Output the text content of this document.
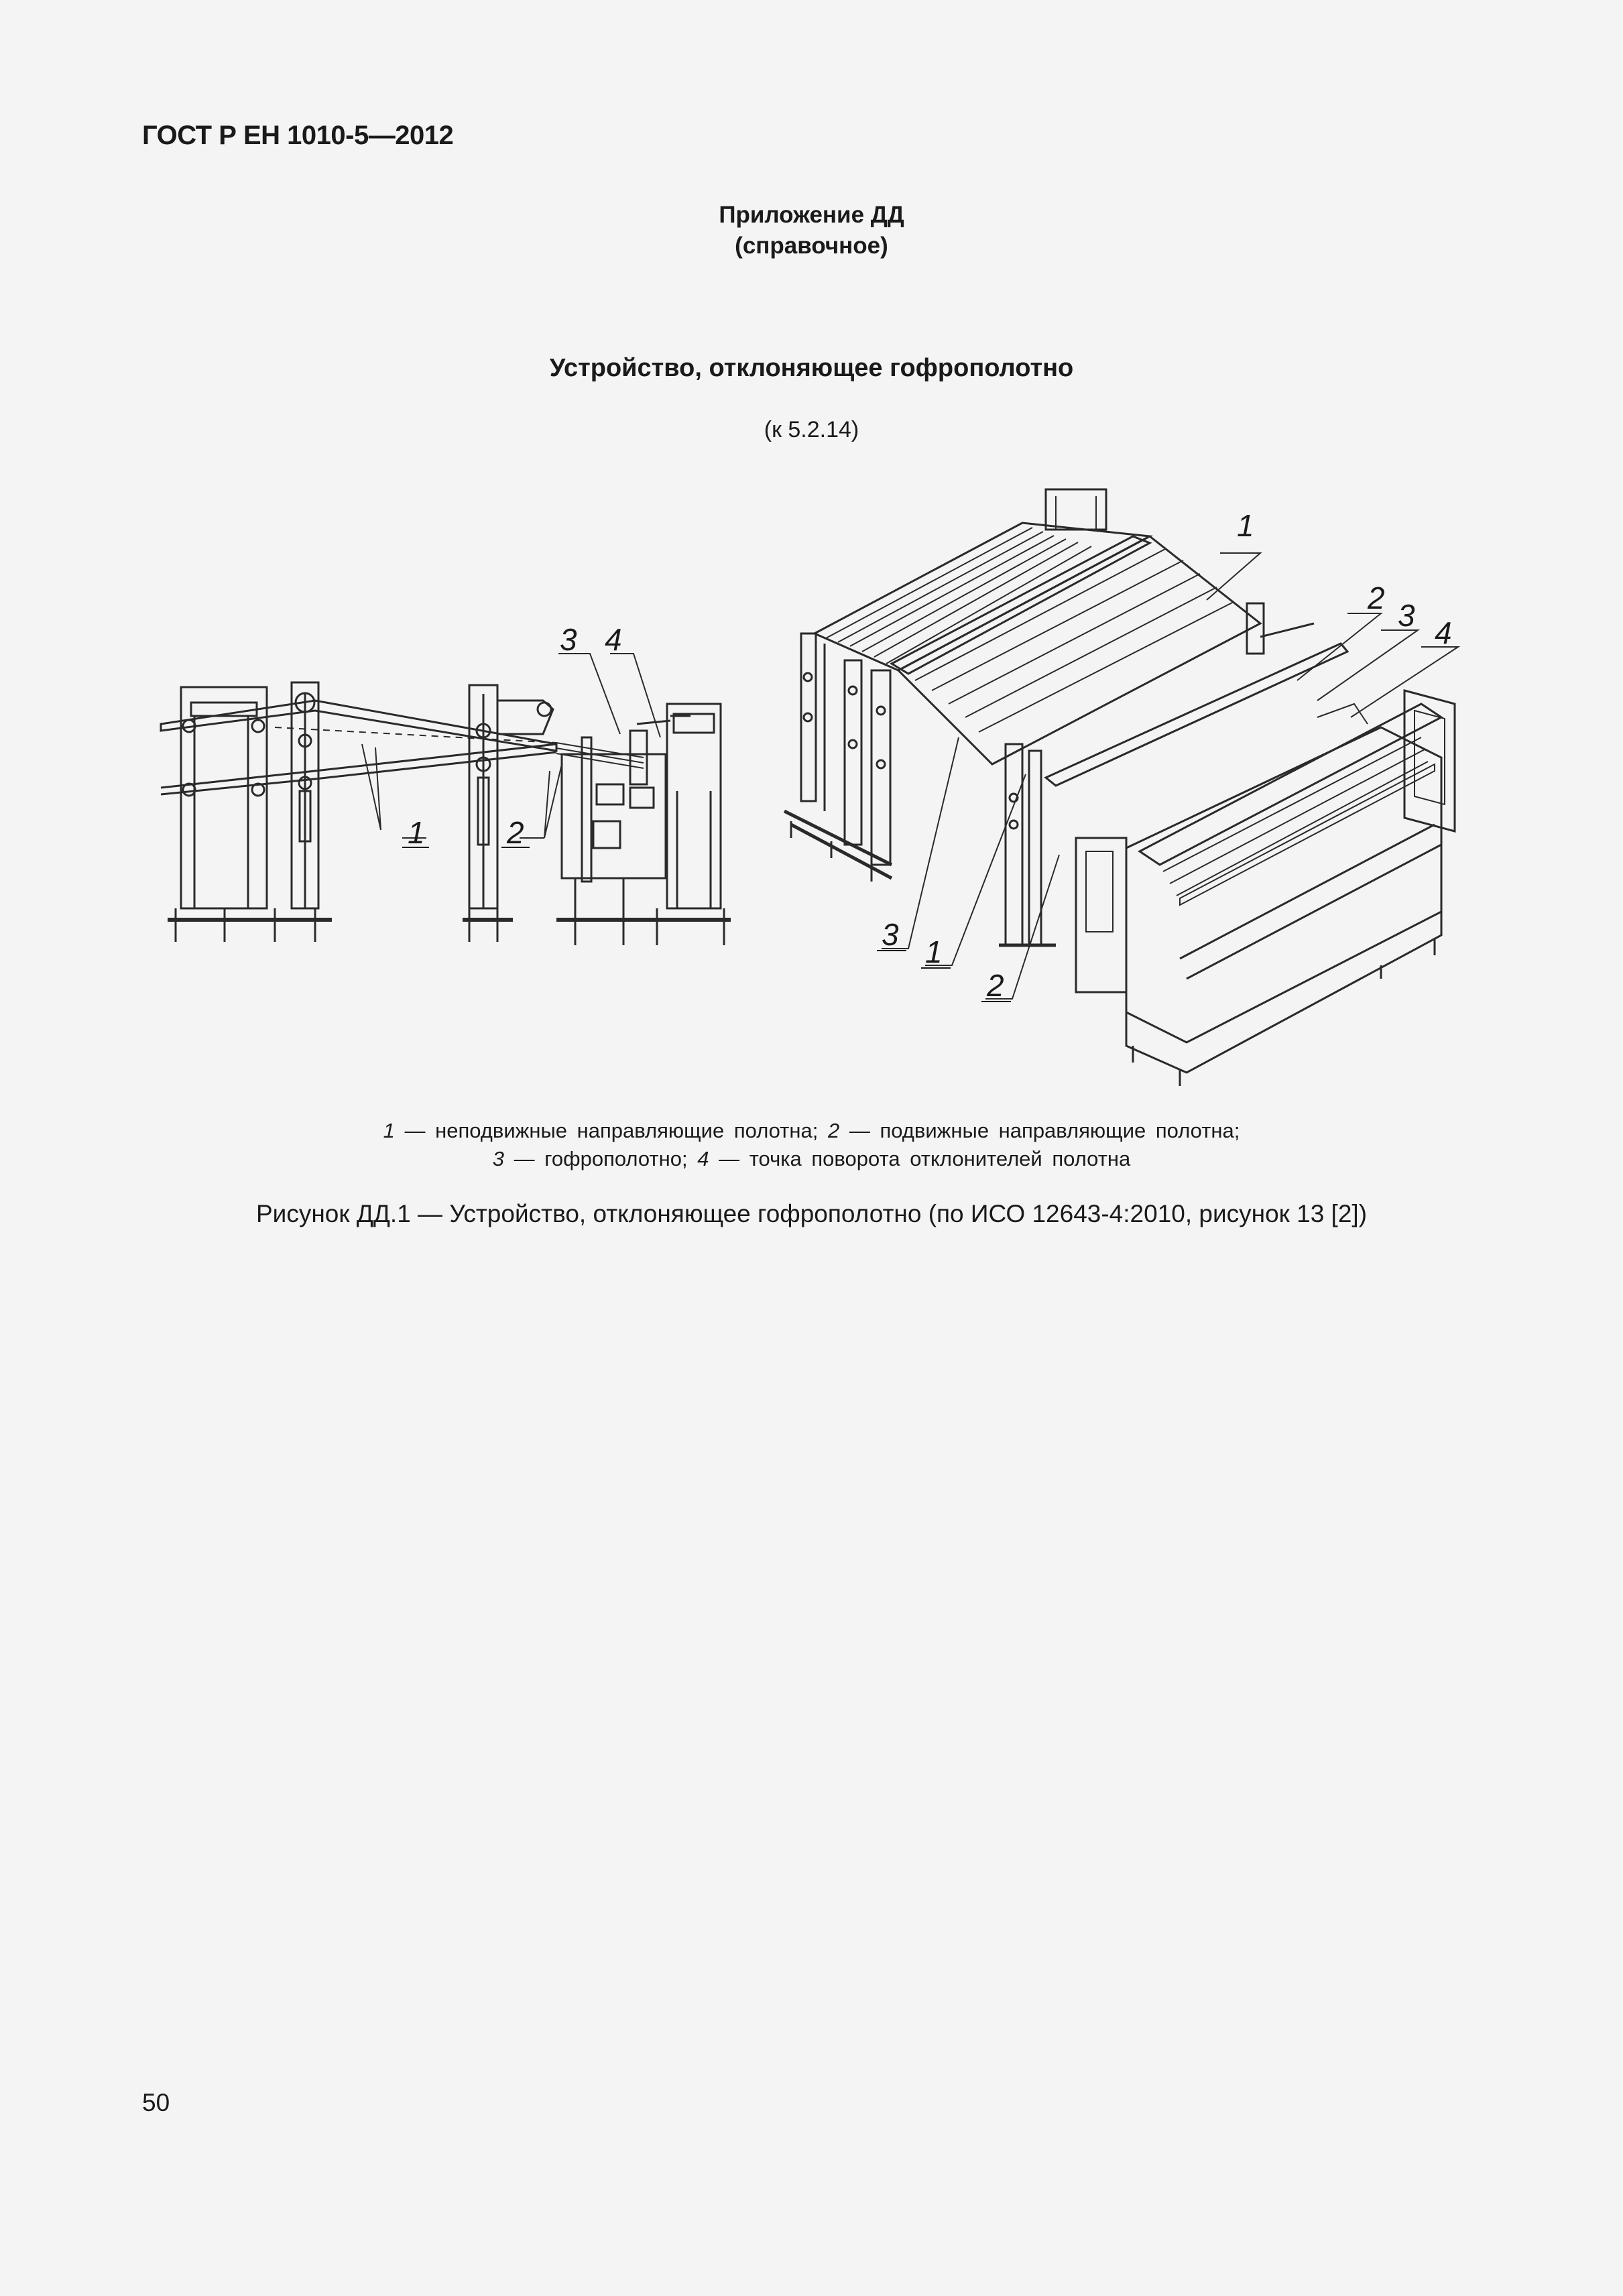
ГОСТ Р ЕН 1010-5—2012
Приложение ДД
(справочное)
Устройство, отклоняющее гофрополотно
(к 5.2.14)
1	2
3 4
1
2 3 4
3 1
2
1 — неподвижные направляющие полотна; 2 — подвижные направляющие полотна;
3 — гофрополотно; 4 — точка поворота отклонителей полотна
Рисунок ДД.1 — Устройство, отклоняющее гофрополотно (по ИСО 12643-4:2010, рисунок 13 [2])
50
